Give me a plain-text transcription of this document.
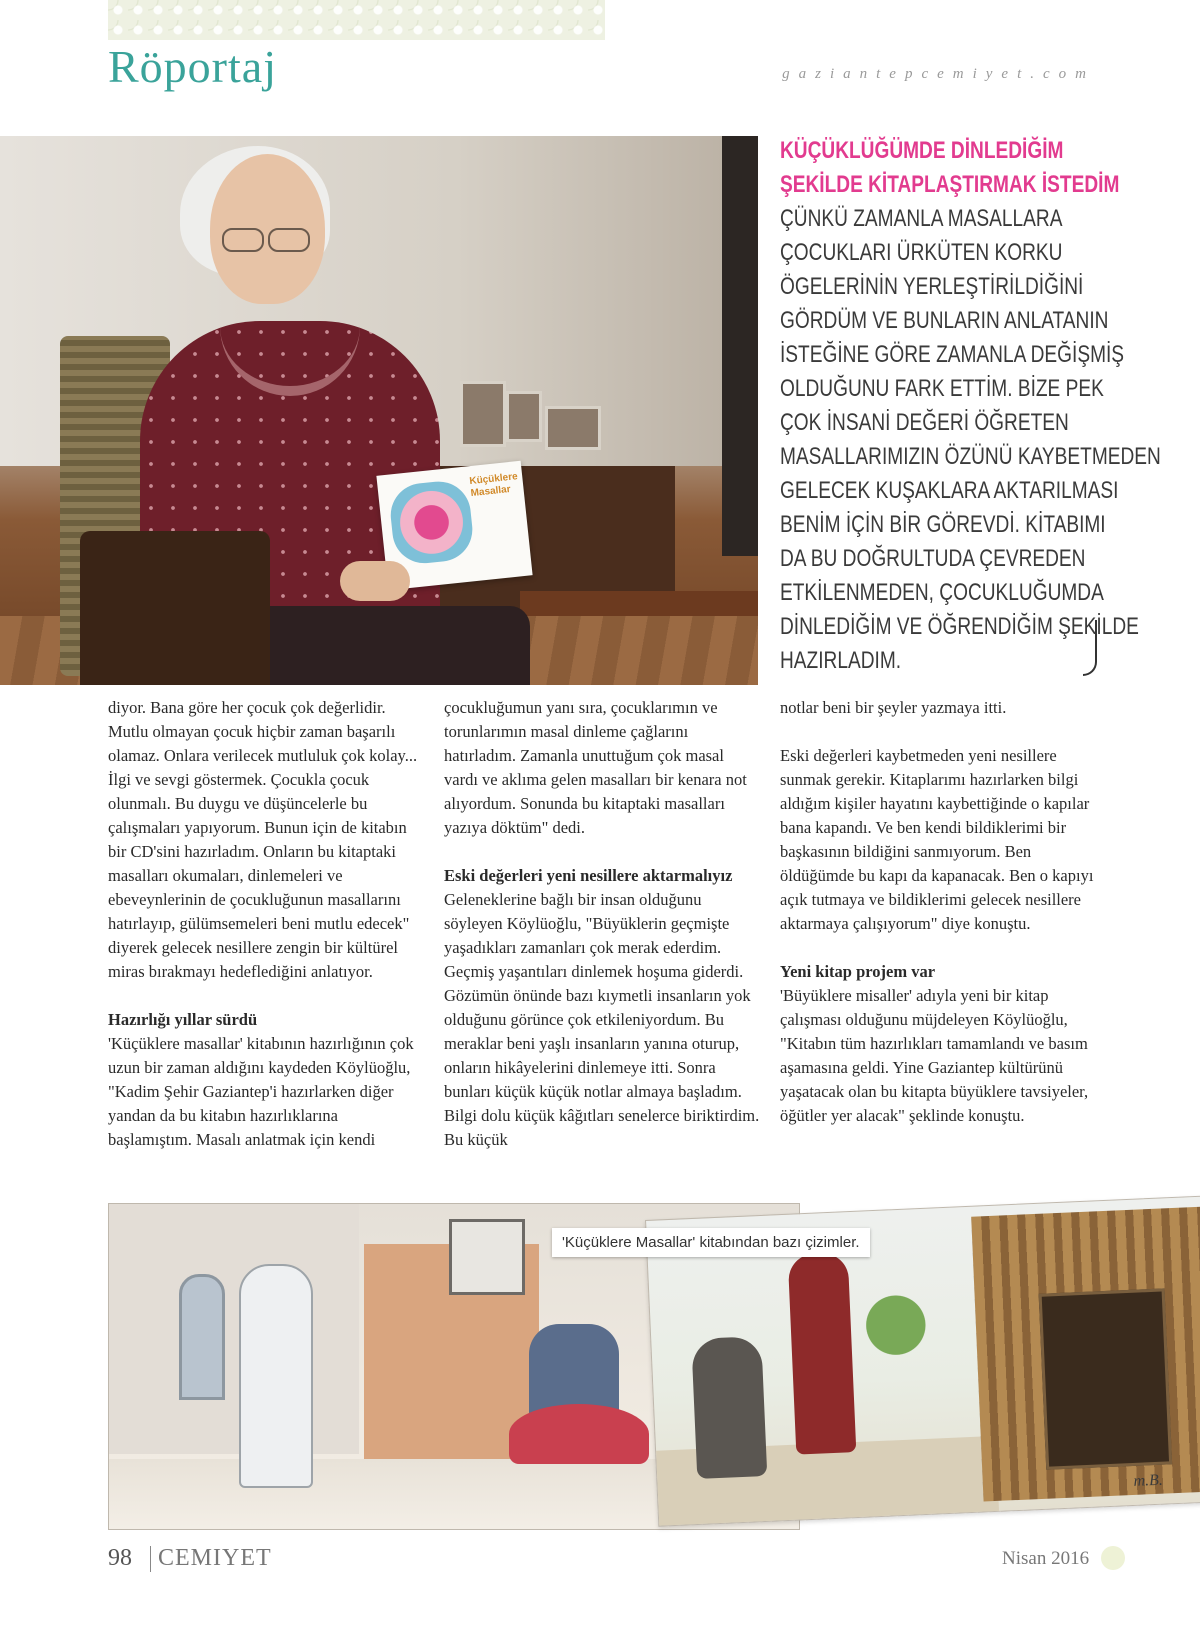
Röportaj	gaziantepcemiyet.com

Küçüklere Masallar
KÜÇÜKLÜĞÜMDE DİNLEDİĞİM
ŞEKİLDE KİTAPLAŞTIRMAK İSTEDİM
ÇÜNKÜ ZAMANLA MASALLARA
ÇOCUKLARI ÜRKÜTEN KORKU
ÖGELERİNİN YERLEŞTİRİLDİĞİNİ
GÖRDÜM VE BUNLARIN ANLATANIN
İSTEĞİNE GÖRE ZAMANLA DEĞİŞMİŞ
OLDUĞUNU FARK ETTİM. BİZE PEK
ÇOK İNSANİ DEĞERİ ÖĞRETEN
MASALLARIMIZIN ÖZÜNÜ KAYBETMEDEN
GELECEK KUŞAKLARA AKTARILMASI
BENİM İÇİN BİR GÖREVDİ. KİTABIMI
DA BU DOĞRULTUDA ÇEVREDEN
ETKİLENMEDEN, ÇOCUKLUĞUMDA
DİNLEDİĞİM VE ÖĞRENDİĞİM ŞEKİLDE
HAZIRLADIM.

diyor. Bana göre her çocuk çok değerlidir. Mutlu olmayan çocuk hiçbir zaman başarılı olamaz. Onlara verilecek mutluluk çok kolay... İlgi ve sevgi göstermek. Çocukla çocuk olunmalı. Bu duygu ve düşüncelerle bu çalışmaları yapıyorum. Bunun için de kitabın bir CD'sini hazırladım. Onların bu kitaptaki masalları okumaları, dinlemeleri ve ebeveynlerinin de çocukluğunun masallarını hatırlayıp, gülümsemeleri beni mutlu edecek" diyerek gelecek nesillere zengin bir kültürel miras bırakmayı hedeflediğini anlatıyor.

Hazırlığı yıllar sürdü

'Küçüklere masallar' kitabının hazırlığının çok uzun bir zaman aldığını kaydeden Köylüoğlu, "Kadim Şehir Gaziantep'i hazırlarken diğer yandan da bu kitabın hazırlıklarına başlamıştım. Masalı anlatmak için kendi

çocukluğumun yanı sıra, çocuklarımın ve torunlarımın masal dinleme çağlarını hatırladım. Zamanla unuttuğum çok masal vardı ve aklıma gelen masalları bir kenara not alıyordum. Sonunda bu kitaptaki masalları yazıya döktüm" dedi.

Eski değerleri yeni nesillere aktarmalıyız

Geleneklerine bağlı bir insan olduğunu söyleyen Köylüoğlu, "Büyüklerin geçmişte yaşadıkları zamanları çok merak ederdim. Geçmiş yaşantıları dinlemek hoşuma giderdi. Gözümün önünde bazı kıymetli insanların yok olduğunu görünce çok etkileniyordum. Bu meraklar beni yaşlı insanların yanına oturup, onların hikâyelerini dinlemeye itti. Sonra bunları küçük küçük notlar almaya başladım. Bilgi dolu küçük kâğıtları senelerce biriktirdim. Bu küçük

notlar beni bir şeyler yazmaya itti.

Eski değerleri kaybetmeden yeni nesillere sunmak gerekir. Kitaplarımı hazırlarken bilgi aldığım kişiler hayatını kaybettiğinde o kapılar bana kapandı. Ve ben kendi bildiklerimi bir başkasının bildiğini sanmıyorum. Ben öldüğümde bu kapı da kapanacak. Ben o kapıyı açık tutmaya ve bildiklerimi gelecek nesillere aktarmaya çalışıyorum" diye konuştu.

Yeni kitap projem var

'Büyüklere misaller' adıyla yeni bir kitap çalışması olduğunu müjdeleyen Köylüoğlu, "Kitabın tüm hazırlıkları tamamlandı ve basım aşamasına geldi. Yine Gaziantep kültürünü yaşatacak olan bu kitapta büyüklere tavsiyeler, öğütler yer alacak" şeklinde konuştu.

m.B.
'Küçüklere Masallar' kitabından bazı çizimler.
98 CEMIYET	Nisan 2016
